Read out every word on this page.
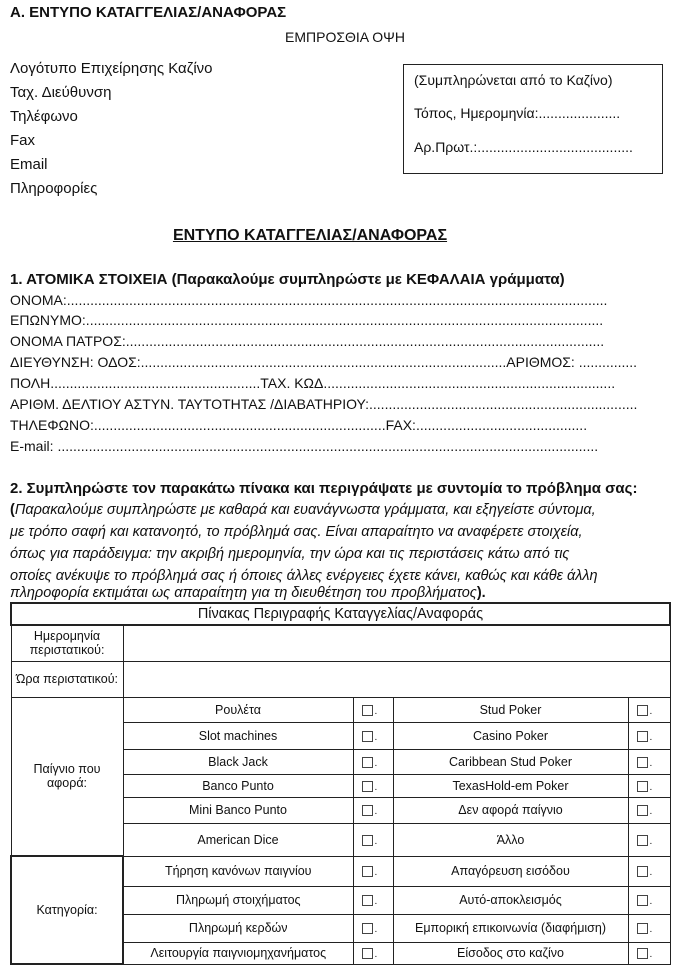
Α. ΕΝΤΥΠΟ ΚΑΤΑΓΓΕΛΙΑΣ/ΑΝΑΦΟΡΑΣ
ΕΜΠΡΟΣΘΙΑ ΟΨΗ
Λογότυπο Επιχείρησης Καζίνο
Ταχ. Διεύθυνση
Τηλέφωνο
Fax
Email
Πληροφορίες
(Συμπληρώνεται από το Καζίνο)
Τόπος, Ημερομηνία:.....................
Αρ.Πρωτ.:........................................
ΕΝΤΥΠΟ ΚΑΤΑΓΓΕΛΙΑΣ/ΑΝΑΦΟΡΑΣ
1. ΑΤΟΜΙΚΑ ΣΤΟΙΧΕΙΑ (Παρακαλούμε συμπληρώστε με ΚΕΦΑΛΑΙΑ γράμματα)
ΟΝΟΜΑ:...........................................................................................................................................
ΕΠΩΝΥΜΟ:.....................................................................................................................................
ΟΝΟΜΑ ΠΑΤΡΟΣ:...........................................................................................................................
ΔΙΕΥΘΥΝΣΗ: ΟΔΟΣ:..............................................................................................ΑΡΙΘΜΟΣ: ...............
ΠΟΛΗ......................................................ΤΑΧ. ΚΩΔ...........................................................................
ΑΡΙΘΜ. ΔΕΛΤΙΟΥ ΑΣΤΥΝ. ΤΑΥΤΟΤΗΤΑΣ /ΔΙΑΒΑΤΗΡΙΟΥ:.....................................................................
ΤΗΛΕΦΩΝΟ:...........................................................................FAX:............................................
E-mail: ...........................................................................................................................................
2. Συμπληρώστε τον παρακάτω πίνακα και περιγράψατε με συντομία το πρόβλημα σας:
(Παρακαλούμε συμπληρώστε με καθαρά και ευανάγνωστα γράμματα, και εξηγείστε σύντομα,
με τρόπο σαφή και κατανοητό, το πρόβλημά σας. Είναι απαραίτητο να αναφέρετε στοιχεία,
όπως για παράδειγμα: την ακριβή ημερομηνία, την ώρα και τις περιστάσεις κάτω από τις
οποίες ανέκυψε το πρόβλημά σας ή όποιες άλλες ενέργειες έχετε κάνει, καθώς και κάθε άλλη
πληροφορία εκτιμάται ως απαραίτητη για τη διευθέτηση του προβλήματος).
Πίνακας Περιγραφής Καταγγελίας/Αναφοράς				
Ημερομηνία περιστατικού:				
Ώρα περιστατικού:				
Παίγνιο που αφορά:	Ρουλέτα	.	Stud Poker	.
	Slot machines	.	Casino Poker	.
	Black Jack	.	Caribbean Stud Poker	.
	Banco Punto	.	TexasHold-em Poker	.
	Mini Banco Punto	.	Δεν αφορά παίγνιο	.
	American Dice	.	Άλλο	.
Κατηγορία:	Τήρηση κανόνων παιγνίου	.	Απαγόρευση εισόδου	.
	Πληρωμή στοιχήματος	.	Αυτό-αποκλεισμός	.
	Πληρωμή κερδών	.	Εμπορική επικοινωνία (διαφήμιση)	.
	Λειτουργία παιγνιομηχανήματος	.	Είσοδος στο καζίνο	.
